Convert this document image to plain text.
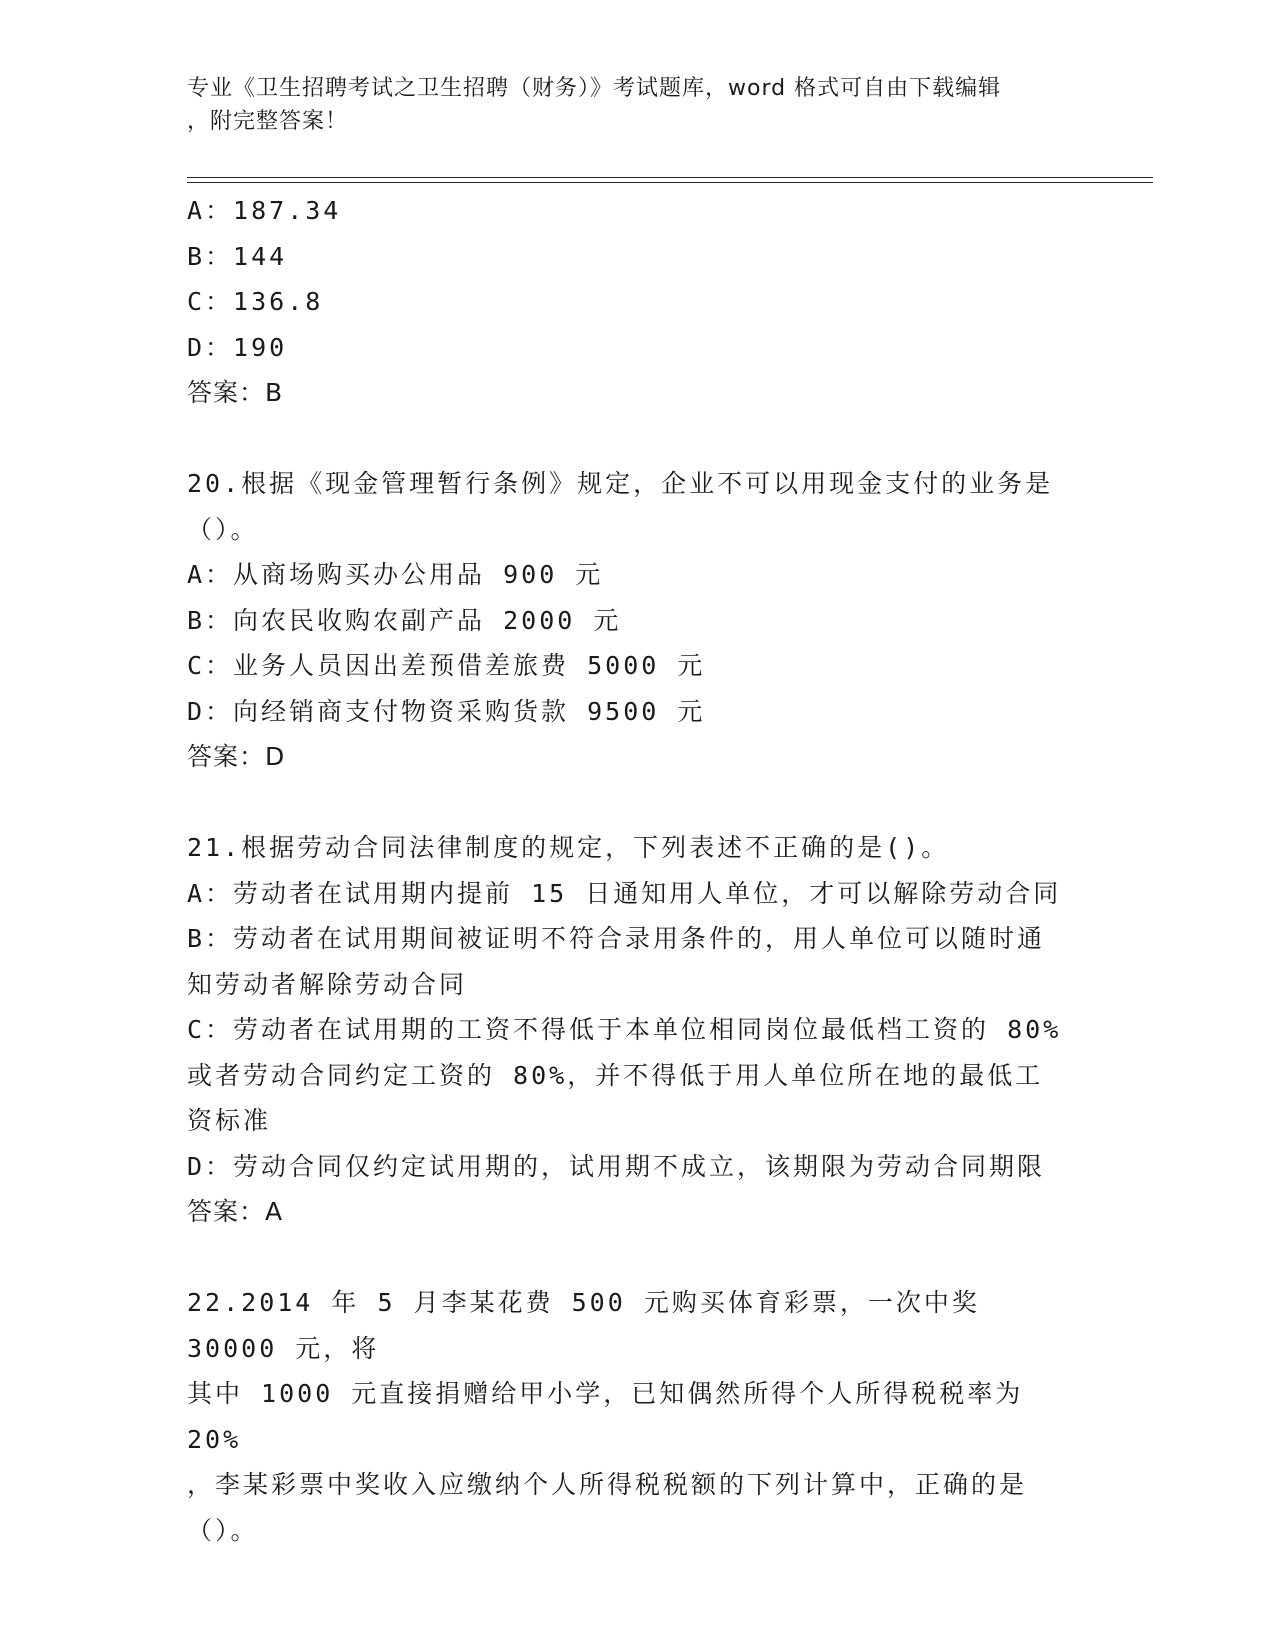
专业《卫生招聘考试之卫生招聘（财务）》考试题库，word 格式可自由下载编辑
，附完整答案！
A：187.34
B：144
C：136.8
D：190
答案：B
20.根据《现金管理暂行条例》规定，企业不可以用现金支付的业务是
（）。
A：从商场购买办公用品 900 元
B：向农民收购农副产品 2000 元
C：业务人员因出差预借差旅费 5000 元
D：向经销商支付物资采购货款 9500 元
答案：D
21.根据劳动合同法律制度的规定，下列表述不正确的是()。
A：劳动者在试用期内提前 15 日通知用人单位，才可以解除劳动合同
B：劳动者在试用期间被证明不符合录用条件的，用人单位可以随时通
知劳动者解除劳动合同
C：劳动者在试用期的工资不得低于本单位相同岗位最低档工资的 80%
或者劳动合同约定工资的 80%，并不得低于用人单位所在地的最低工
资标准
D：劳动合同仅约定试用期的，试用期不成立，该期限为劳动合同期限
答案：A
22.2014 年 5 月李某花费 500 元购买体育彩票，一次中奖 30000 元，将
其中 1000 元直接捐赠给甲小学，已知偶然所得个人所得税税率为 20%
，李某彩票中奖收入应缴纳个人所得税税额的下列计算中，正确的是
（）。
